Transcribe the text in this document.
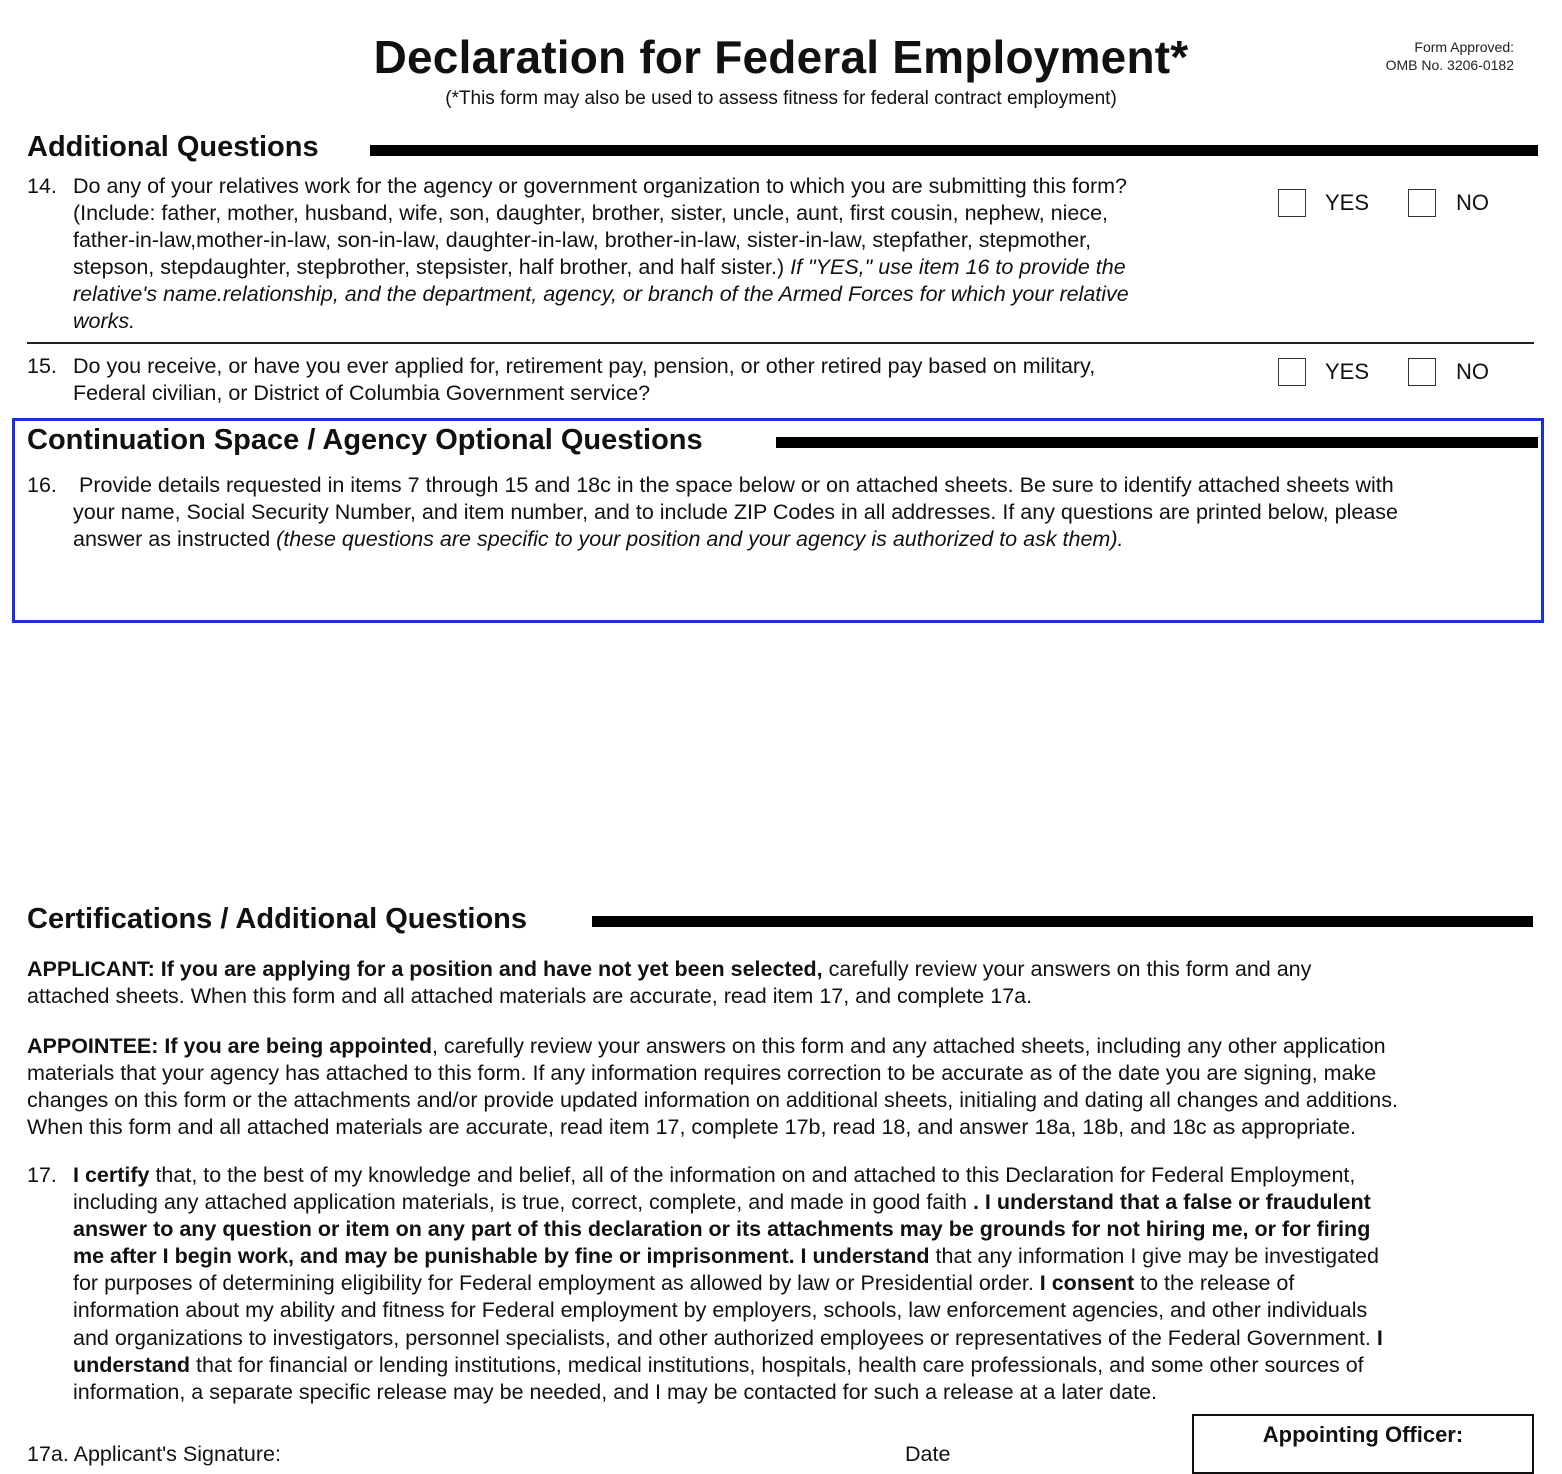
Declaration for Federal Employment*
(*This form may also be used to assess fitness for federal contract employment)
Form Approved:
OMB No. 3206-0182
Additional Questions
14. Do any of your relatives work for the agency or government organization to which you are submitting this form?
(Include: father, mother, husband, wife, son, daughter, brother, sister, uncle, aunt, first cousin, nephew, niece,
father-in-law,mother-in-law, son-in-law, daughter-in-law, brother-in-law, sister-in-law, stepfather, stepmother,
stepson, stepdaughter, stepbrother, stepsister, half brother, and half sister.) If "YES," use item 16 to provide the
relative's name.relationship, and the department, agency, or branch of the Armed Forces for which your relative
works.
YES	NO
15. Do you receive, or have you ever applied for, retirement pay, pension, or other retired pay based on military,
Federal civilian, or District of Columbia Government service?
YES	NO
Continuation Space / Agency Optional Questions
16. Provide details requested in items 7 through 15 and 18c in the space below or on attached sheets. Be sure to identify attached sheets with
your name, Social Security Number, and item number, and to include ZIP Codes in all addresses. If any questions are printed below, please
answer as instructed (these questions are specific to your position and your agency is authorized to ask them).
Certifications / Additional Questions
APPLICANT: If you are applying for a position and have not yet been selected, carefully review your answers on this form and any
attached sheets. When this form and all attached materials are accurate, read item 17, and complete 17a.
APPOINTEE: If you are being appointed, carefully review your answers on this form and any attached sheets, including any other application
materials that your agency has attached to this form. If any information requires correction to be accurate as of the date you are signing, make
changes on this form or the attachments and/or provide updated information on additional sheets, initialing and dating all changes and additions.
When this form and all attached materials are accurate, read item 17, complete 17b, read 18, and answer 18a, 18b, and 18c as appropriate.
17. I certify that, to the best of my knowledge and belief, all of the information on and attached to this Declaration for Federal Employment,
including any attached application materials, is true, correct, complete, and made in good faith . I understand that a false or fraudulent
answer to any question or item on any part of this declaration or its attachments may be grounds for not hiring me, or for firing
me after I begin work, and may be punishable by fine or imprisonment. I understand that any information I give may be investigated
for purposes of determining eligibility for Federal employment as allowed by law or Presidential order. I consent to the release of
information about my ability and fitness for Federal employment by employers, schools, law enforcement agencies, and other individuals
and organizations to investigators, personnel specialists, and other authorized employees or representatives of the Federal Government. I
understand that for financial or lending institutions, medical institutions, hospitals, health care professionals, and some other sources of
information, a separate specific release may be needed, and I may be contacted for such a release at a later date.
17a. Applicant's Signature:	Date
Appointing Officer:
